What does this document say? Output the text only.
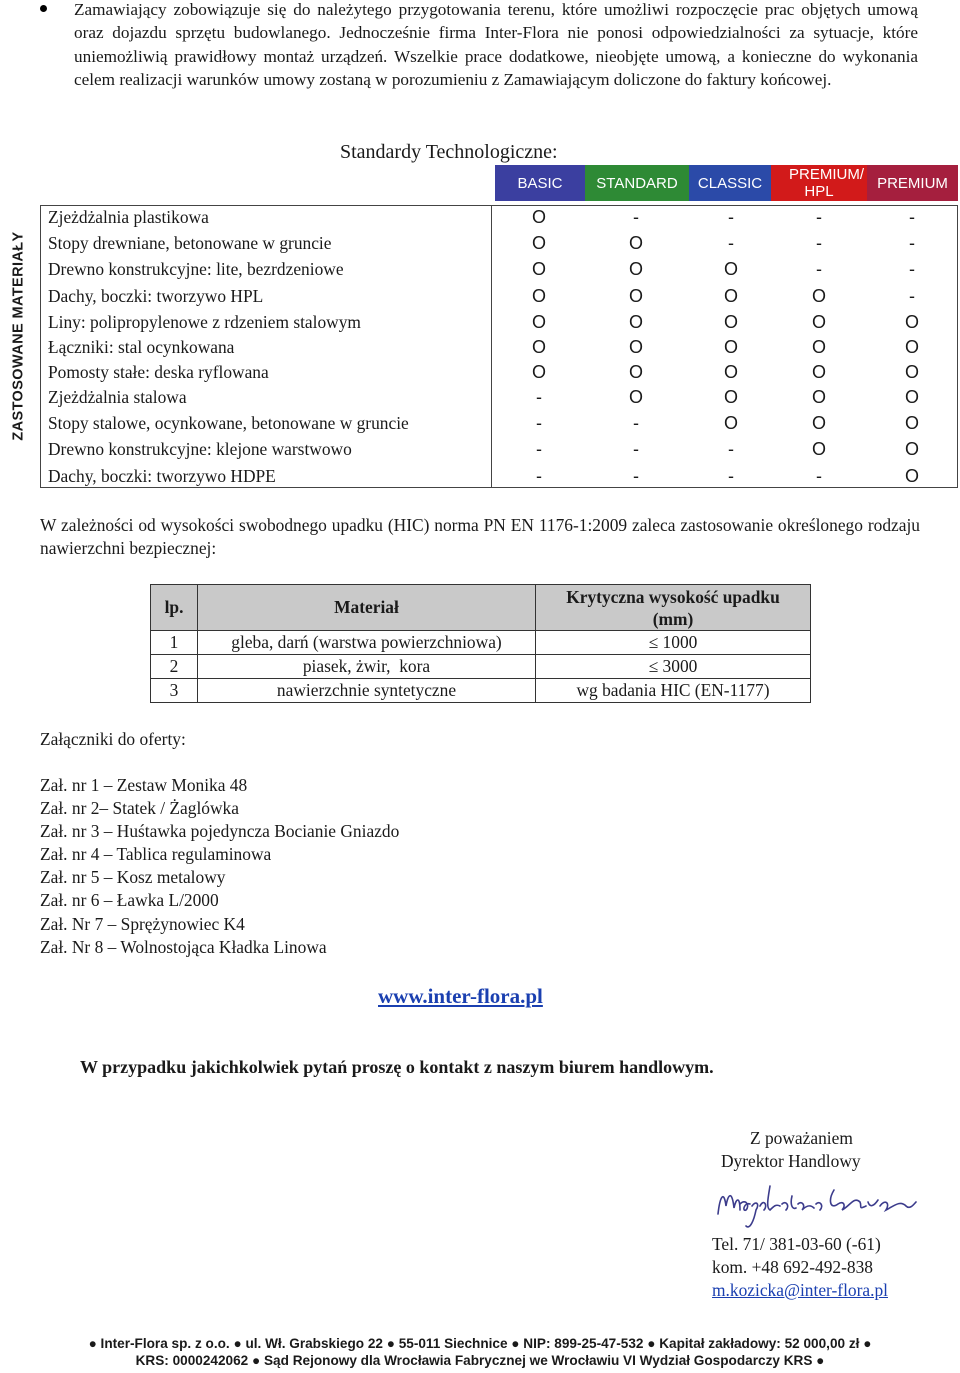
Zamawiający zobowiązuje się do należytego przygotowania terenu, które umożliwi rozpoczęcie prac objętych umową oraz dojazdu sprzętu budowlanego. Jednocześnie firma Inter-Flora nie ponosi odpowiedzialności za sytuacje, które uniemożliwią prawidłowy montaż urządzeń. Wszelkie prace dodatkowe, nieobjęte umową, a konieczne do wykonania celem realizacji warunków umowy zostaną w porozumieniu z Zamawiającym doliczone do faktury końcowej.
Standardy Technologiczne:
BASIC	STANDARD	CLASSIC	PREMIUM/ HPL	PREMIUM
ZASTOSOWANE MATERIAŁY
Zjeżdżalnia plastikowa	O	-	-	-	-
Stopy drewniane, betonowane w gruncie	O	O	-	-	-
Drewno konstrukcyjne: lite, bezrdzeniowe	O	O	O	-	-
Dachy, boczki: tworzywo HPL	O	O	O	O	-
Liny: polipropylenowe z rdzeniem stalowym	O	O	O	O	O
Łączniki: stal ocynkowana	O	O	O	O	O
Pomosty stałe: deska ryflowana	O	O	O	O	O
Zjeżdżalnia stalowa	-	O	O	O	O
Stopy stalowe, ocynkowane, betonowane w gruncie	-	-	O	O	O
Drewno konstrukcyjne: klejone warstwowo	-	-	-	O	O
Dachy, boczki: tworzywo HDPE	-	-	-	-	O
W zależności od wysokości swobodnego upadku (HIC) norma PN EN 1176-1:2009 zaleca zastosowanie określonego rodzaju nawierzchni bezpiecznej:
lp.	Materiał	Krytyczna wysokość upadku
(mm)

1	gleba, darń (warstwa powierzchniowa)	≤ 1000
2	piasek, żwir,  kora	≤ 3000
3	nawierzchnie syntetyczne	wg badania HIC (EN-1177)
Załączniki do oferty:
Zał. nr 1 – Zestaw Monika 48
Zał. nr 2– Statek / Żaglówka
Zał. nr 3 – Huśtawka pojedyncza Bocianie Gniazdo
Zał. nr 4 – Tablica regulaminowa
Zał. nr 5 – Kosz metalowy
Zał. nr 6 – Ławka L/2000
Zał. Nr 7 – Sprężynowiec K4
Zał. Nr 8 – Wolnostojąca Kładka Linowa
www.inter-flora.pl
W przypadku jakichkolwiek pytań proszę o kontakt z naszym biurem handlowym.
Z poważaniem
Dyrektor Handlowy
Tel. 71/ 381-03-60 (-61)
kom. +48 692-492-838
m.kozicka@inter-flora.pl
● Inter-Flora sp. z o.o. ● ul. Wł. Grabskiego 22 ● 55-011 Siechnice ● NIP: 899-25-47-532 ● Kapitał zakładowy: 52 000,00 zł ●
KRS: 0000242062 ● Sąd Rejonowy dla Wrocławia Fabrycznej we Wrocławiu VI Wydział Gospodarczy KRS ●
